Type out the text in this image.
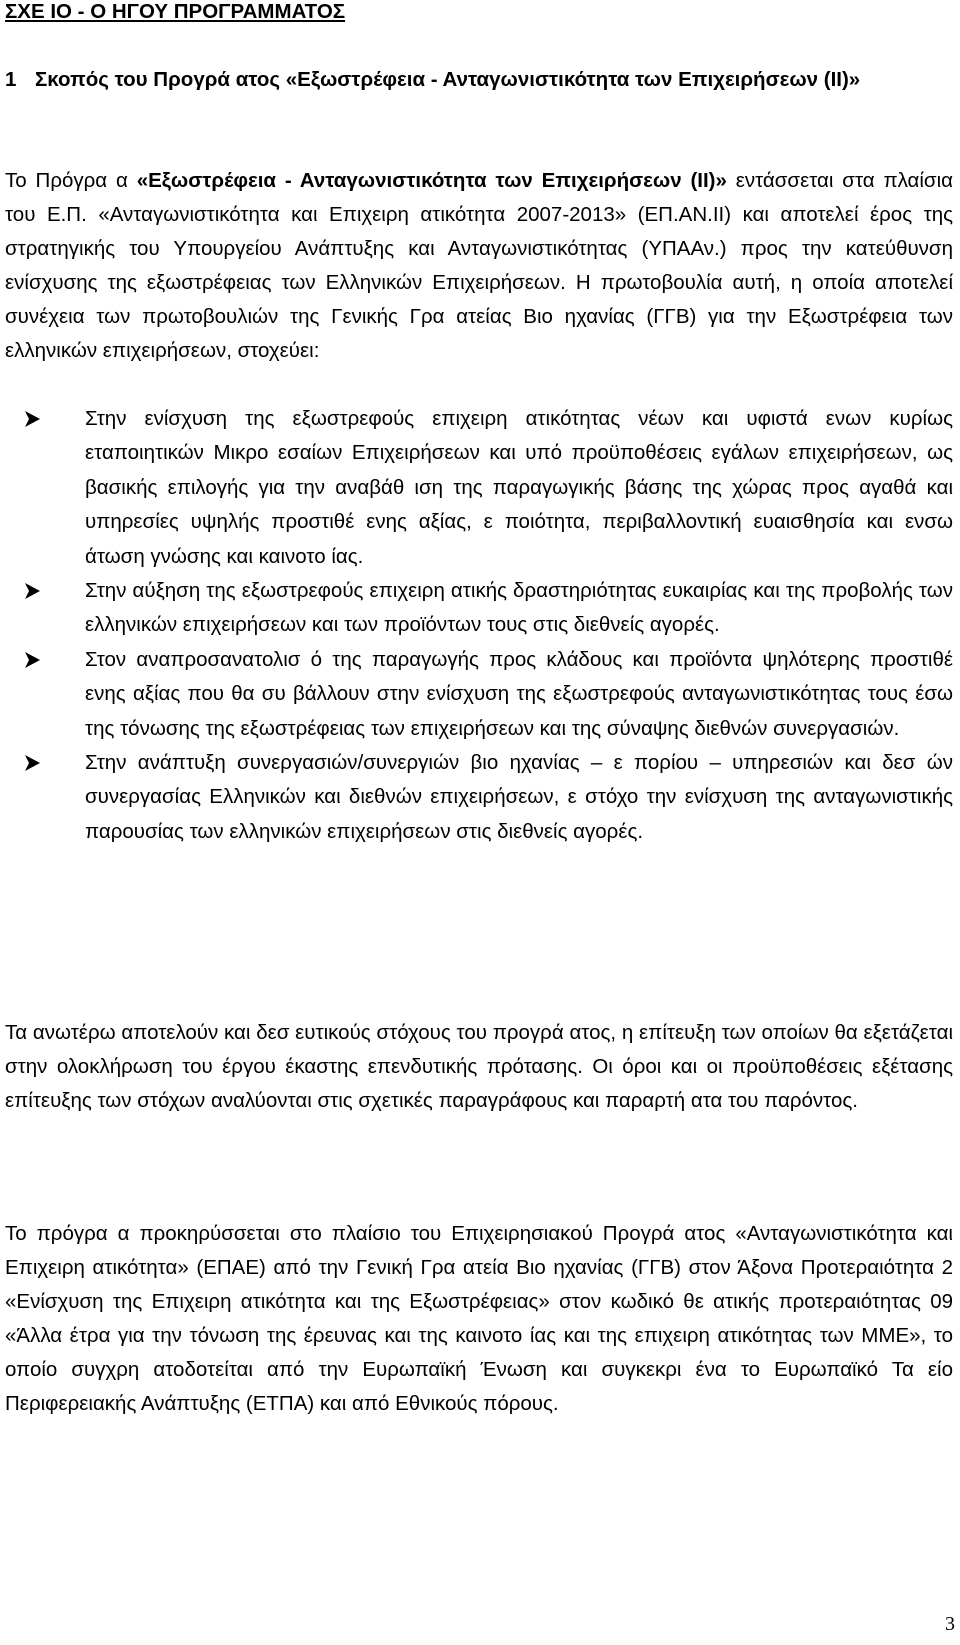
ΣΧΕ ΙΟ - Ο ΗΓΟΥ ΠΡΟΓΡΑΜΜΑΤΟΣ
1 Σκοπός του Προγρά ατος «Εξωστρέφεια - Ανταγωνιστικότητα των Επιχειρήσεων (ΙΙ)»

Το Πρόγρα α «Εξωστρέφεια - Ανταγωνιστικότητα των Επιχειρήσεων (ΙΙ)» εντάσσεται στα πλαίσια του Ε.Π. «Ανταγωνιστικότητα και Επιχειρη ατικότητα 2007-2013» (ΕΠ.ΑΝ.ΙΙ) και αποτελεί έρος της στρατηγικής του Υπουργείου Ανάπτυξης και Ανταγωνιστικότητας (ΥΠΑΑν.) προς την κατεύθυνση ενίσχυσης της εξωστρέφειας των Ελληνικών Επιχειρήσεων. Η πρωτοβουλία αυτή, η οποία αποτελεί συνέχεια των πρωτοβουλιών της Γενικής Γρα ατείας Βιο ηχανίας (ΓΓΒ) για την Εξωστρέφεια των ελληνικών επιχειρήσεων, στοχεύει:

Στην ενίσχυση της εξωστρεφούς επιχειρη ατικότητας νέων και υφιστά ενων κυρίως εταποιητικών Μικρο εσαίων Επιχειρήσεων και υπό προϋποθέσεις εγάλων επιχειρήσεων, ως βασικής επιλογής για την αναβάθ ιση της παραγωγικής βάσης της χώρας προς αγαθά και υπηρεσίες υψηλής προστιθέ ενης αξίας, ε ποιότητα, περιβαλλοντική ευαισθησία και ενσω άτωση γνώσης και καινοτο ίας.
Στην αύξηση της εξωστρεφούς επιχειρη ατικής δραστηριότητας ευκαιρίας και της προβολής των ελληνικών επιχειρήσεων και των προϊόντων τους στις διεθνείς αγορές.
Στον αναπροσανατολισ ό της παραγωγής προς κλάδους και προϊόντα ψηλότερης προστιθέ ενης αξίας που θα συ βάλλουν στην ενίσχυση της εξωστρεφούς ανταγωνιστικότητας τους έσω της τόνωσης της εξωστρέφειας των επιχειρήσεων και της σύναψης διεθνών συνεργασιών.
Στην ανάπτυξη συνεργασιών/συνεργιών βιο ηχανίας – ε πορίου – υπηρεσιών και δεσ ών συνεργασίας Ελληνικών και διεθνών επιχειρήσεων, ε στόχο την ενίσχυση της ανταγωνιστικής παρουσίας των ελληνικών επιχειρήσεων στις διεθνείς αγορές.

Τα ανωτέρω αποτελούν και δεσ ευτικούς στόχους του προγρά ατος, η επίτευξη των οποίων θα εξετάζεται στην ολοκλήρωση του έργου έκαστης επενδυτικής πρότασης. Οι όροι και οι προϋποθέσεις εξέτασης επίτευξης των στόχων αναλύονται στις σχετικές παραγράφους και παραρτή ατα του παρόντος.

Το πρόγρα α προκηρύσσεται στο πλαίσιο του Επιχειρησιακού Προγρά ατος «Ανταγωνιστικότητα και Επιχειρη ατικότητα» (ΕΠΑΕ) από την Γενική Γρα ατεία Βιο ηχανίας (ΓΓΒ) στον Άξονα Προτεραιότητα 2 «Ενίσχυση της Επιχειρη ατικότητα και της Εξωστρέφειας» στον κωδικό θε ατικής προτεραιότητας 09 «Άλλα έτρα για την τόνωση της έρευνας και της καινοτο ίας και της επιχειρη ατικότητας των ΜΜΕ», το οποίο συγχρη ατοδοτείται από την Ευρωπαϊκή Ένωση και συγκεκρι ένα το Ευρωπαϊκό Τα είο Περιφερειακής Ανάπτυξης (ΕΤΠΑ) και από Εθνικούς πόρους.

3
